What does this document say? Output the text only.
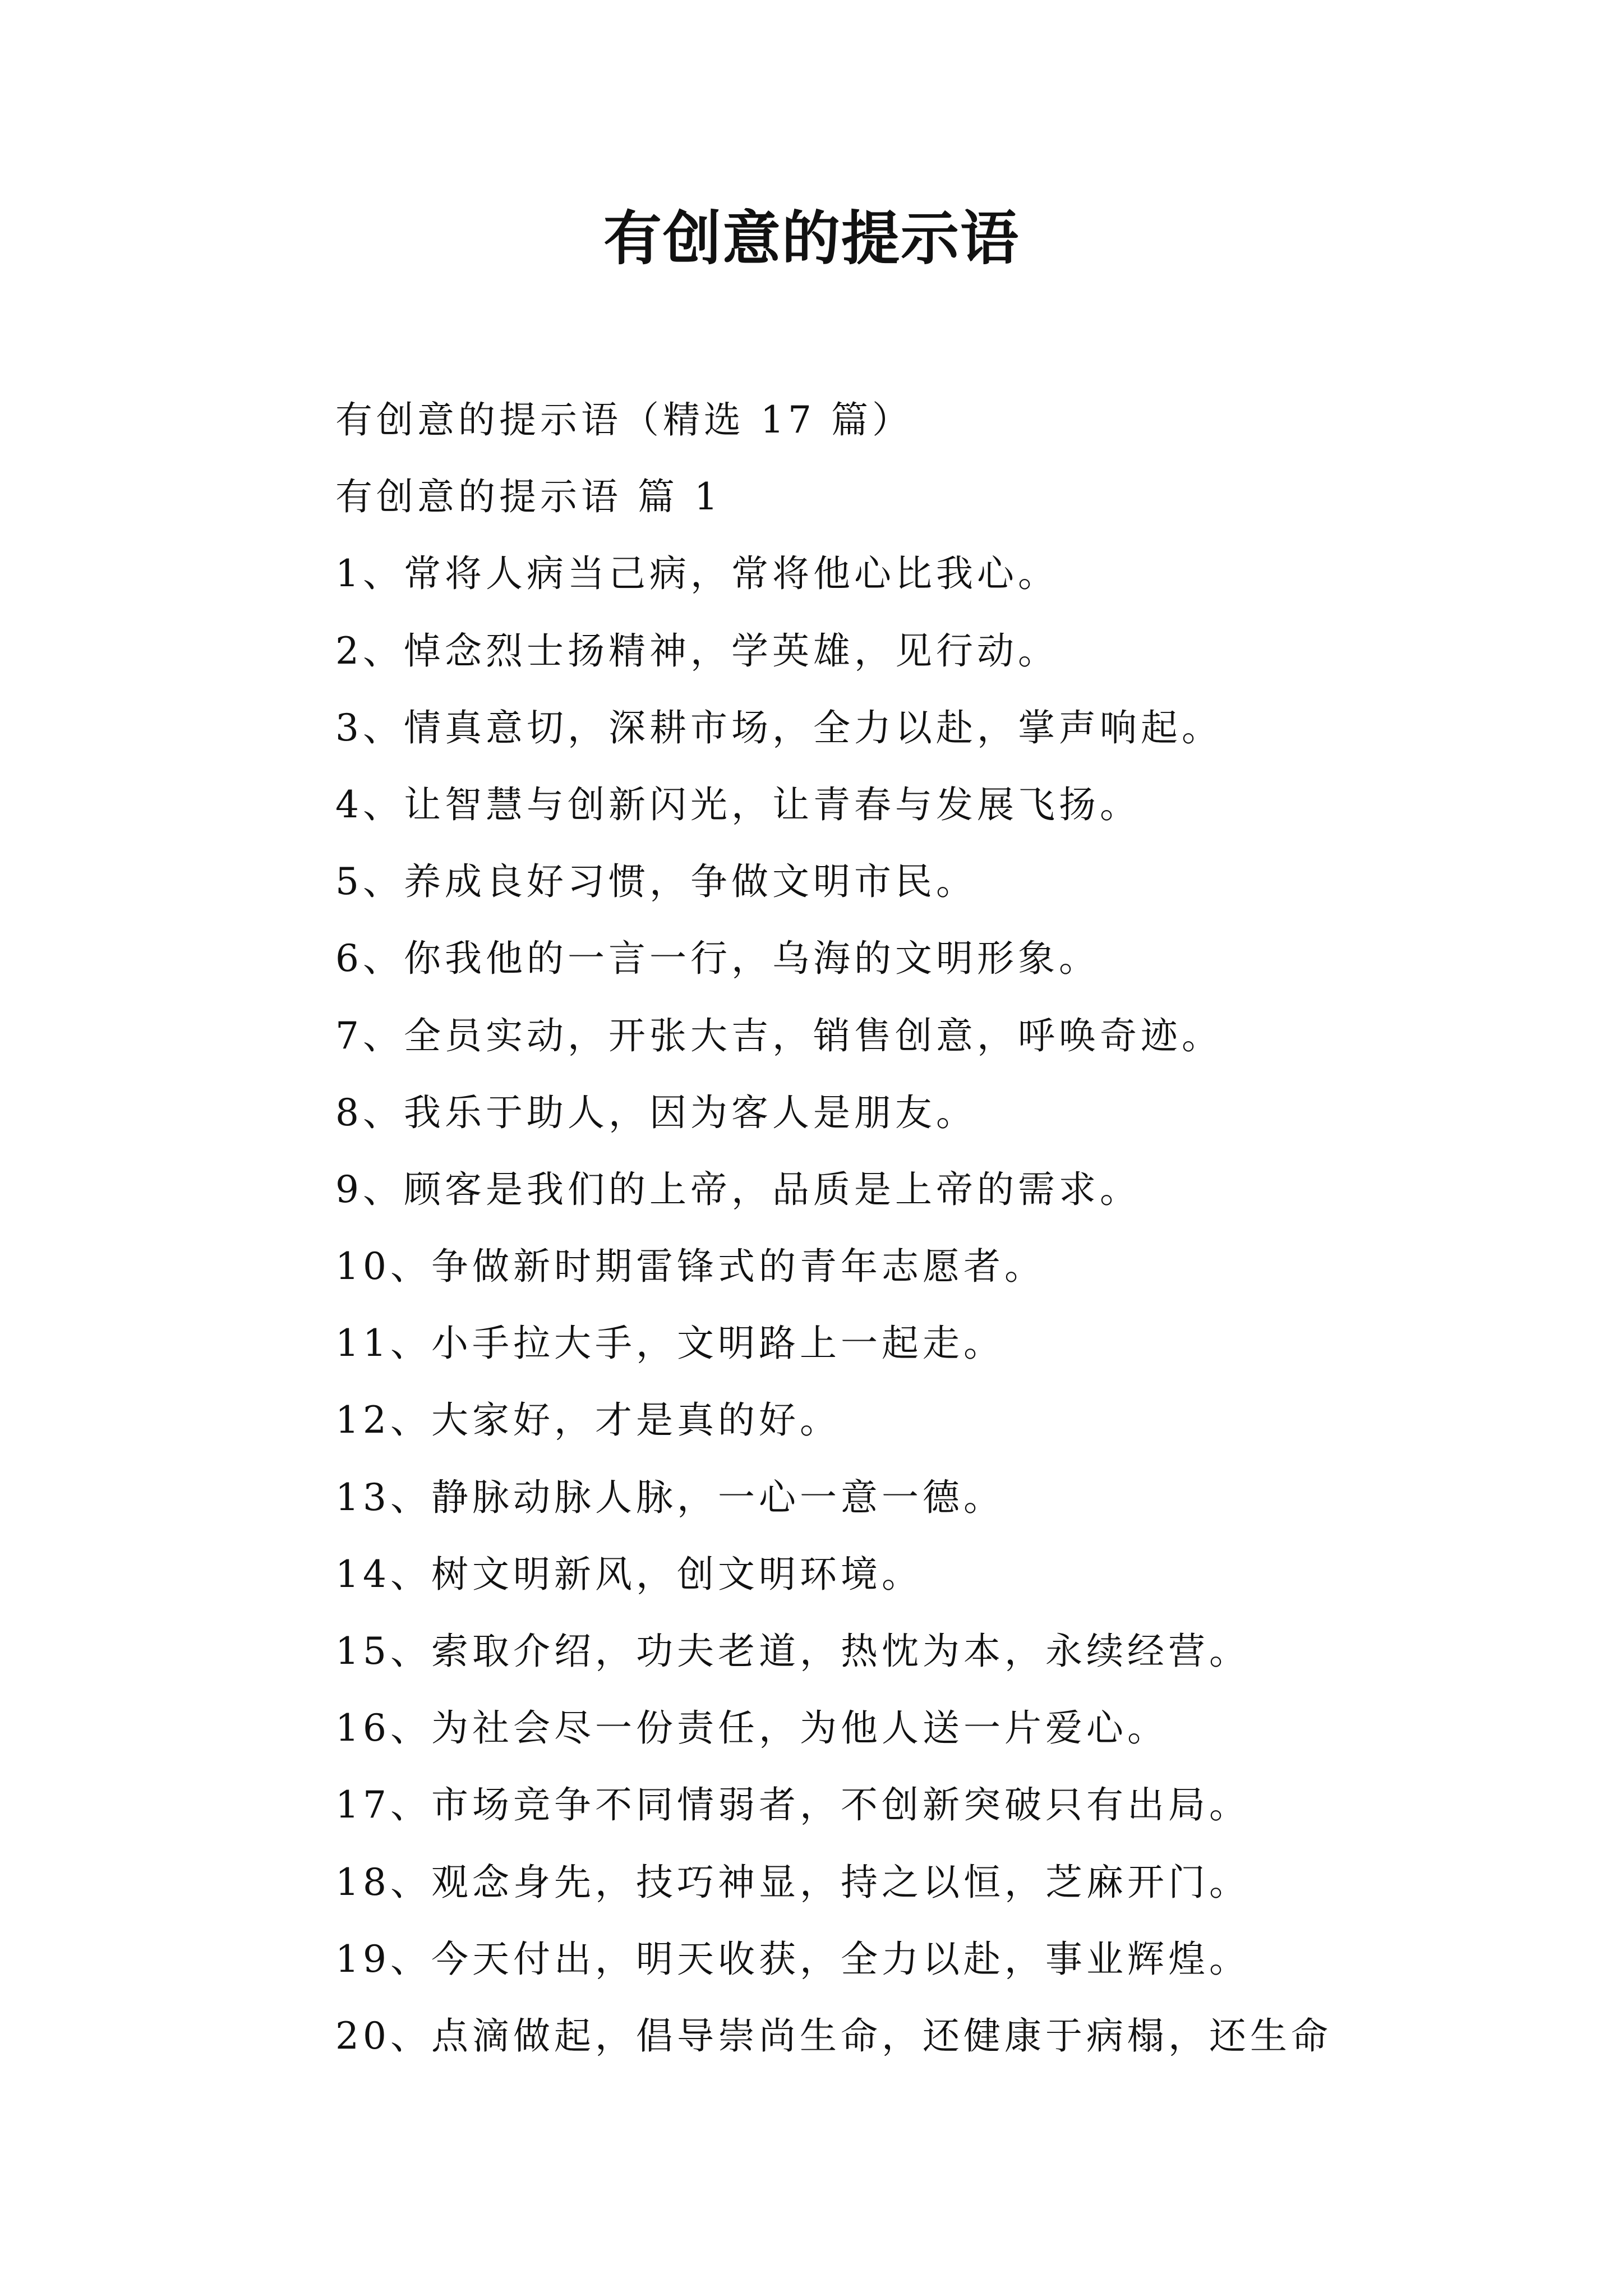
有创意的提示语
有创意的提示语（精选 17 篇）
有创意的提示语 篇 1
1、常将人病当己病，常将他心比我心。
2、悼念烈士扬精神，学英雄，见行动。
3、情真意切，深耕市场，全力以赴，掌声响起。
4、让智慧与创新闪光，让青春与发展飞扬。
5、养成良好习惯，争做文明市民。
6、你我他的一言一行，乌海的文明形象。
7、全员实动，开张大吉，销售创意，呼唤奇迹。
8、我乐于助人，因为客人是朋友。
9、顾客是我们的上帝，品质是上帝的需求。
10、争做新时期雷锋式的青年志愿者。
11、小手拉大手，文明路上一起走。
12、大家好，才是真的好。
13、静脉动脉人脉，一心一意一德。
14、树文明新风，创文明环境。
15、索取介绍，功夫老道，热忱为本，永续经营。
16、为社会尽一份责任，为他人送一片爱心。
17、市场竞争不同情弱者，不创新突破只有出局。
18、观念身先，技巧神显，持之以恒，芝麻开门。
19、今天付出，明天收获，全力以赴，事业辉煌。
20、点滴做起，倡导崇尚生命，还健康于病榻，还生命
